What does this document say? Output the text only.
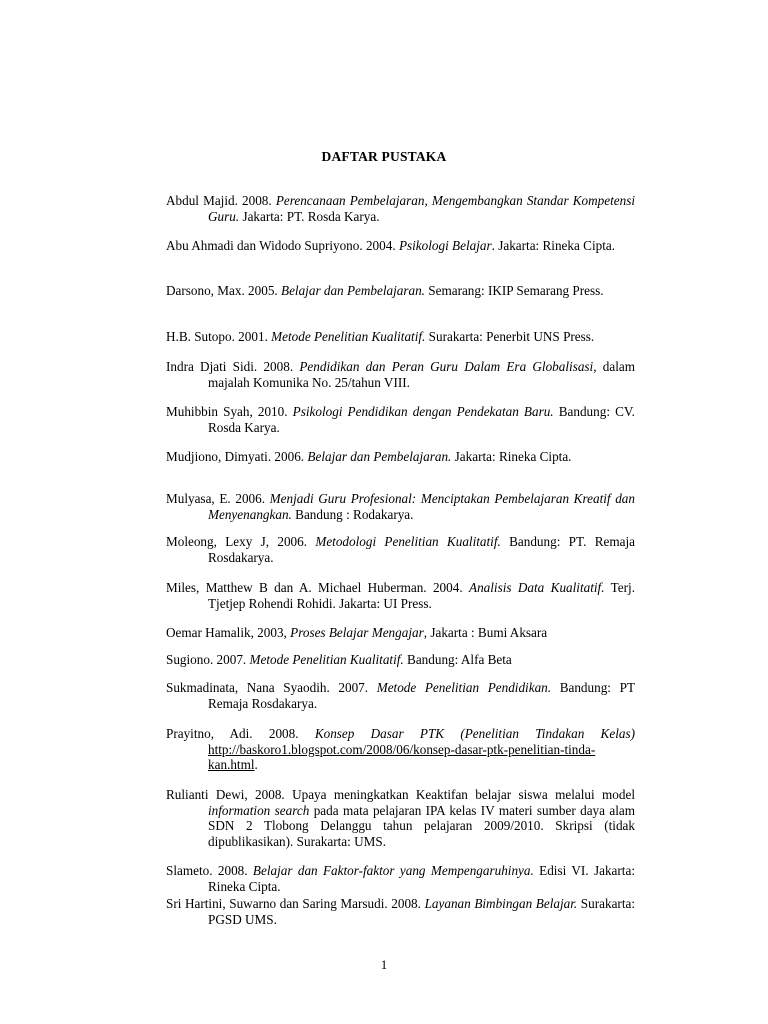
DAFTAR PUSTAKA
Abdul Majid. 2008. Perencanaan Pembelajaran, Mengembangkan Standar Kompetensi Guru. Jakarta: PT. Rosda Karya.
Abu Ahmadi dan Widodo Supriyono. 2004. Psikologi Belajar. Jakarta: Rineka Cipta.
Darsono, Max. 2005. Belajar dan Pembelajaran. Semarang: IKIP Semarang Press.
H.B. Sutopo. 2001. Metode Penelitian Kualitatif. Surakarta: Penerbit UNS Press.
Indra Djati Sidi. 2008. Pendidikan dan Peran Guru Dalam Era Globalisasi, dalam majalah Komunika No. 25/tahun VIII.
Muhibbin Syah, 2010. Psikologi Pendidikan dengan Pendekatan Baru. Bandung: CV. Rosda Karya.
Mudjiono, Dimyati. 2006. Belajar dan Pembelajaran. Jakarta: Rineka Cipta.
Mulyasa, E. 2006. Menjadi Guru Profesional: Menciptakan Pembelajaran Kreatif dan Menyenangkan. Bandung : Rodakarya.
Moleong, Lexy J, 2006. Metodologi Penelitian Kualitatif. Bandung: PT. Remaja Rosdakarya.
Miles, Matthew B dan A. Michael Huberman. 2004. Analisis Data Kualitatif. Terj. Tjetjep Rohendi Rohidi. Jakarta: UI Press.
Oemar Hamalik, 2003, Proses Belajar Mengajar, Jakarta : Bumi Aksara
Sugiono. 2007. Metode Penelitian Kualitatif. Bandung: Alfa Beta
Sukmadinata, Nana Syaodih. 2007. Metode Penelitian Pendidikan. Bandung: PT Remaja Rosdakarya.
Prayitno, Adi. 2008. Konsep Dasar PTK (Penelitian Tindakan Kelas) http://baskoro1.blogspot.com/2008/06/konsep-dasar-ptk-penelitian-tinda-kan.html.
Rulianti Dewi, 2008. Upaya meningkatkan Keaktifan belajar siswa melalui model information search pada mata pelajaran IPA kelas IV materi sumber daya alam SDN 2 Tlobong Delanggu tahun pelajaran 2009/2010. Skripsi (tidak dipublikasikan). Surakarta: UMS.
Slameto. 2008. Belajar dan Faktor-faktor yang Mempengaruhinya. Edisi VI. Jakarta: Rineka Cipta.
Sri Hartini, Suwarno dan Saring Marsudi. 2008. Layanan Bimbingan Belajar. Surakarta: PGSD UMS.
1
